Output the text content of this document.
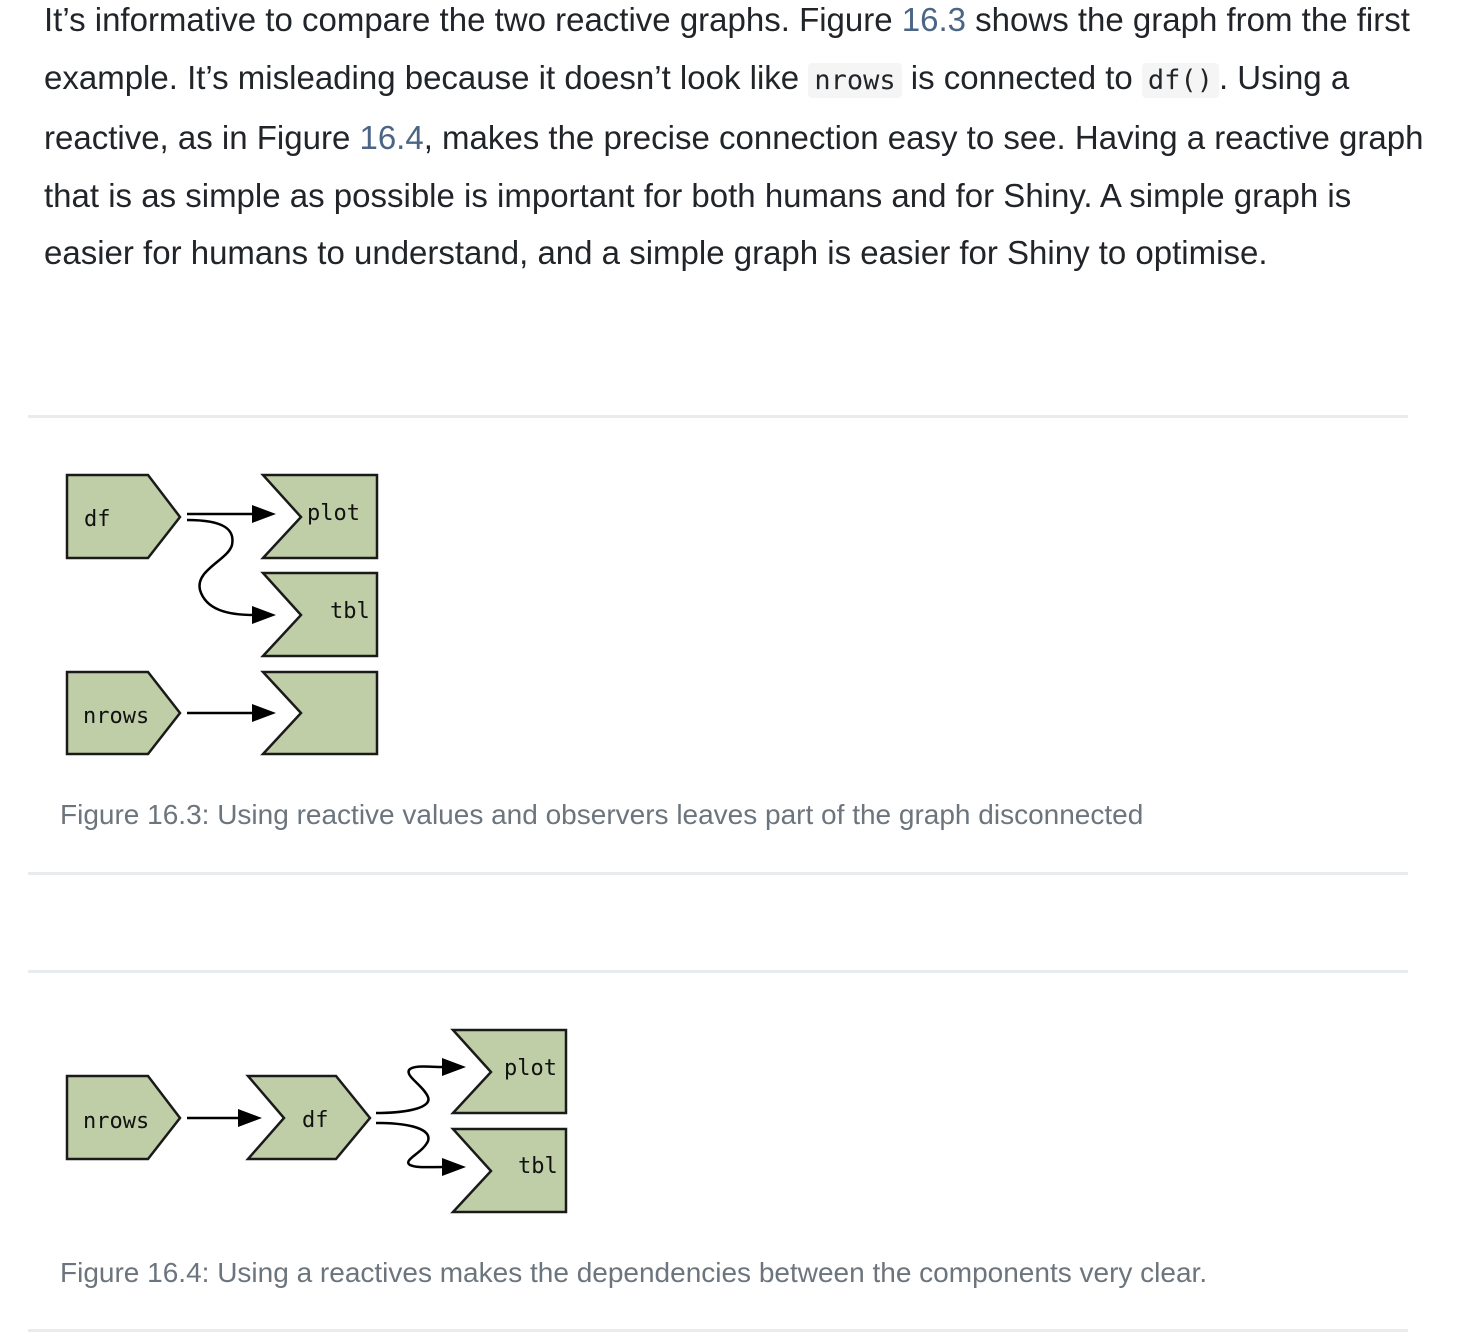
It’s informative to compare the two reactive graphs. Figure 16.3 shows the graph from the first example. It’s misleading because it doesn’t look like nrows is connected to df() . Using a reactive, as in Figure 16.4, makes the precise connection easy to see. Having a reactive graph that is as simple as possible is important for both humans and for Shiny. A simple graph is easier for humans to understand, and a simple graph is easier for Shiny to optimise.

df	plot
tbl
nrows

Figure 16.3: Using reactive values and observers leaves part of the graph disconnected

nrows	df
plot
tbl

Figure 16.4: Using a reactives makes the dependencies between the components very clear.
